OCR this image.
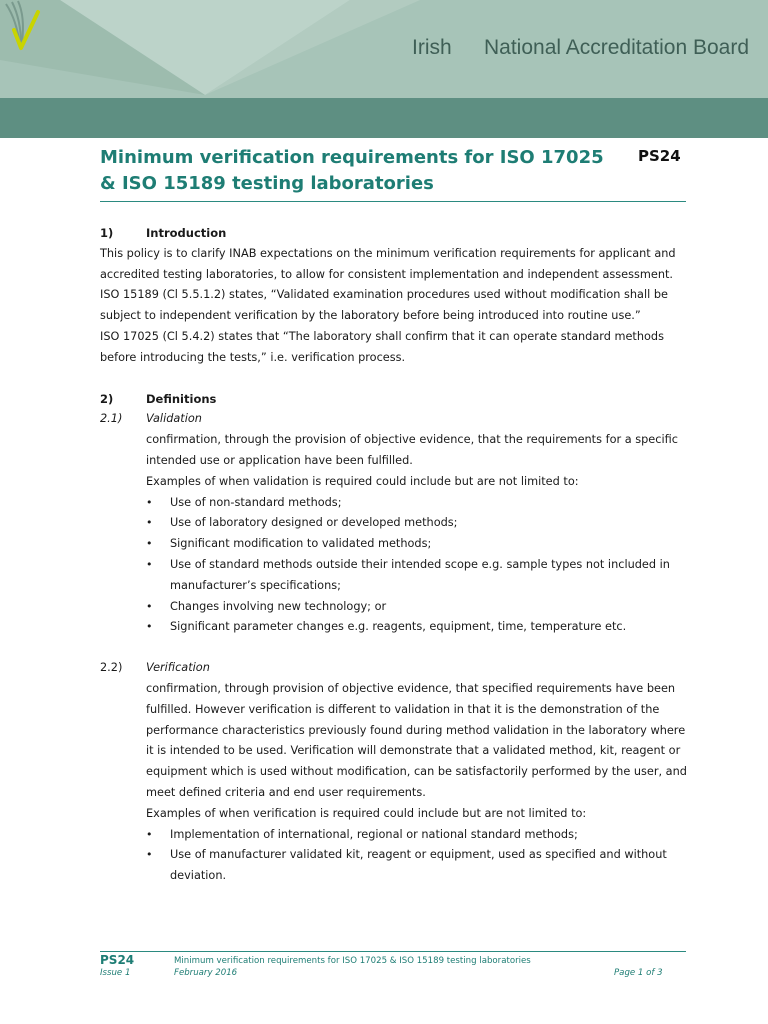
Irish National Accreditation Board
Minimum verification requirements for ISO 17025 & ISO 15189 testing laboratories
PS24
1)	Introduction
This policy is to clarify INAB expectations on the minimum verification requirements for applicant and accredited testing laboratories, to allow for consistent implementation and independent assessment.
ISO 15189 (Cl 5.5.1.2) states, “Validated examination procedures used without modification shall be subject to independent verification by the laboratory before being introduced into routine use.”
ISO 17025 (Cl 5.4.2) states that “The laboratory shall confirm that it can operate standard methods before introducing the tests,” i.e. verification process.
2)	Definitions
2.1)	Validation
confirmation, through the provision of objective evidence, that the requirements for a specific intended use or application have been fulfilled.
Examples of when validation is required could include but are not limited to:
• Use of non-standard methods;
• Use of laboratory designed or developed methods;
• Significant modification to validated methods;
• Use of standard methods outside their intended scope e.g. sample types not included in manufacturer’s specifications;
• Changes involving new technology; or
• Significant parameter changes e.g. reagents, equipment, time, temperature etc.
2.2)	Verification
confirmation, through provision of objective evidence, that specified requirements have been fulfilled. However verification is different to validation in that it is the demonstration of the performance characteristics previously found during method validation in the laboratory where it is intended to be used. Verification will demonstrate that a validated method, kit, reagent or equipment which is used without modification, can be satisfactorily performed by the user, and meet defined criteria and end user requirements.
Examples of when verification is required could include but are not limited to:
• Implementation of international, regional or national standard methods;
• Use of manufacturer validated kit, reagent or equipment, used as specified and without deviation.
PS24	Minimum verification requirements for ISO 17025 & ISO 15189 testing laboratories
Issue 1	February 2016	Page 1 of 3
